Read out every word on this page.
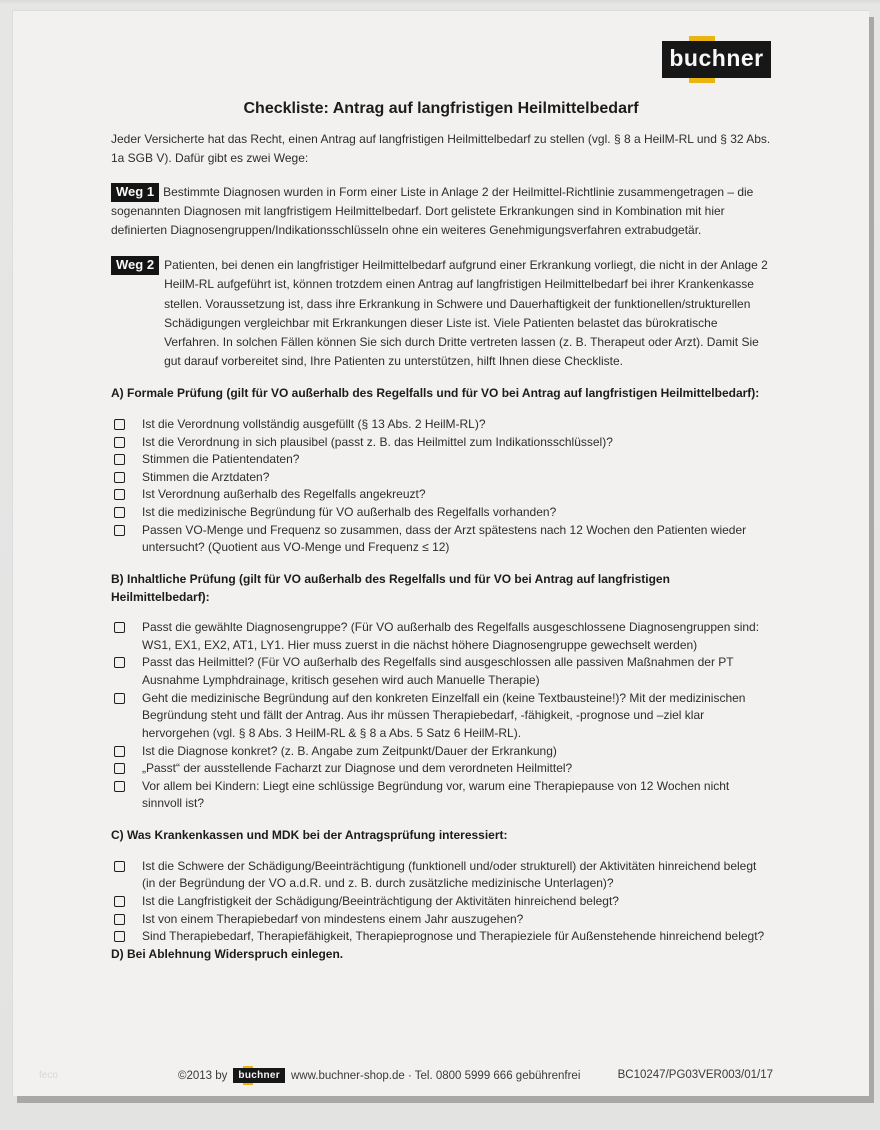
buchner
Checkliste: Antrag auf langfristigen Heilmittelbedarf

Jeder Versicherte hat das Recht, einen Antrag auf langfristigen Heilmittelbedarf zu stellen (vgl. § 8 a HeilM-RL und § 32 Abs. 1a SGB V). Dafür gibt es zwei Wege:

Weg 1 Bestimmte Diagnosen wurden in Form einer Liste in Anlage 2 der Heilmittel-Richtlinie zusammengetragen – die sogenannten Diagnosen mit langfristigem Heilmittelbedarf. Dort gelistete Erkrankungen sind in Kombination mit hier definierten Diagnosengruppen/Indikationsschlüsseln ohne ein weiteres Genehmigungsverfahren extrabudgetär.

Weg 2 Patienten, bei denen ein langfristiger Heilmittelbedarf aufgrund einer Erkrankung vorliegt, die nicht in der Anlage 2 HeilM-RL aufgeführt ist, können trotzdem einen Antrag auf langfristigen Heilmittelbedarf bei ihrer Krankenkasse stellen. Voraussetzung ist, dass ihre Erkrankung in Schwere und Dauerhaftigkeit der funktionellen/strukturellen Schädigungen vergleichbar mit Erkrankungen dieser Liste ist. Viele Patienten belastet das bürokratische Verfahren. In solchen Fällen können Sie sich durch Dritte vertreten lassen (z. B. Therapeut oder Arzt). Damit Sie gut darauf vorbereitet sind, Ihre Patienten zu unterstützen, hilft Ihnen diese Checkliste.

A) Formale Prüfung (gilt für VO außerhalb des Regelfalls und für VO bei Antrag auf langfristigen Heilmittelbedarf):

Ist die Verordnung vollständig ausgefüllt (§ 13 Abs. 2 HeilM-RL)?
Ist die Verordnung in sich plausibel (passt z. B. das Heilmittel zum Indikationsschlüssel)?
Stimmen die Patientendaten?
Stimmen die Arztdaten?
Ist Verordnung außerhalb des Regelfalls angekreuzt?
Ist die medizinische Begründung für VO außerhalb des Regelfalls vorhanden?
Passen VO-Menge und Frequenz so zusammen, dass der Arzt spätestens nach 12 Wochen den Patienten wieder untersucht? (Quotient aus VO-Menge und Frequenz ≤ 12)

B) Inhaltliche Prüfung (gilt für VO außerhalb des Regelfalls und für VO bei Antrag auf langfristigen Heilmittelbedarf):

Passt die gewählte Diagnosengruppe? (Für VO außerhalb des Regelfalls ausgeschlossene Diagnosengruppen sind: WS1, EX1, EX2, AT1, LY1. Hier muss zuerst in die nächst höhere Diagnosengruppe gewechselt werden)
Passt das Heilmittel? (Für VO außerhalb des Regelfalls sind ausgeschlossen alle passiven Maßnahmen der PT Ausnahme Lymphdrainage, kritisch gesehen wird auch Manuelle Therapie)
Geht die medizinische Begründung auf den konkreten Einzelfall ein (keine Textbausteine!)? Mit der medizinischen Begründung steht und fällt der Antrag. Aus ihr müssen Therapiebedarf, -fähigkeit, -prognose und –ziel klar hervorgehen (vgl. § 8 Abs. 3 HeilM-RL & § 8 a Abs. 5 Satz 6 HeilM-RL).
Ist die Diagnose konkret? (z. B. Angabe zum Zeitpunkt/Dauer der Erkrankung)
„Passt“ der ausstellende Facharzt zur Diagnose und dem verordneten Heilmittel?
Vor allem bei Kindern: Liegt eine schlüssige Begründung vor, warum eine Therapiepause von 12 Wochen nicht sinnvoll ist?

C) Was Krankenkassen und MDK bei der Antragsprüfung interessiert:

Ist die Schwere der Schädigung/Beeinträchtigung (funktionell und/oder strukturell) der Aktivitäten hinreichend belegt (in der Begründung der VO a.d.R. und z. B. durch zusätzliche medizinische Unterlagen)?
Ist die Langfristigkeit der Schädigung/Beeinträchtigung der Aktivitäten hinreichend belegt?
Ist von einem Therapiebedarf von mindestens einem Jahr auszugehen?
Sind Therapiebedarf, Therapiefähigkeit, Therapieprognose und Therapieziele für Außenstehende hinreichend belegt?

D) Bei Ablehnung Widerspruch einlegen.

feco	©2013 by	buchner www.buchner-shop.de · Tel. 0800 5999 666 gebührenfrei	BC10247/PG03VER003/01/17
